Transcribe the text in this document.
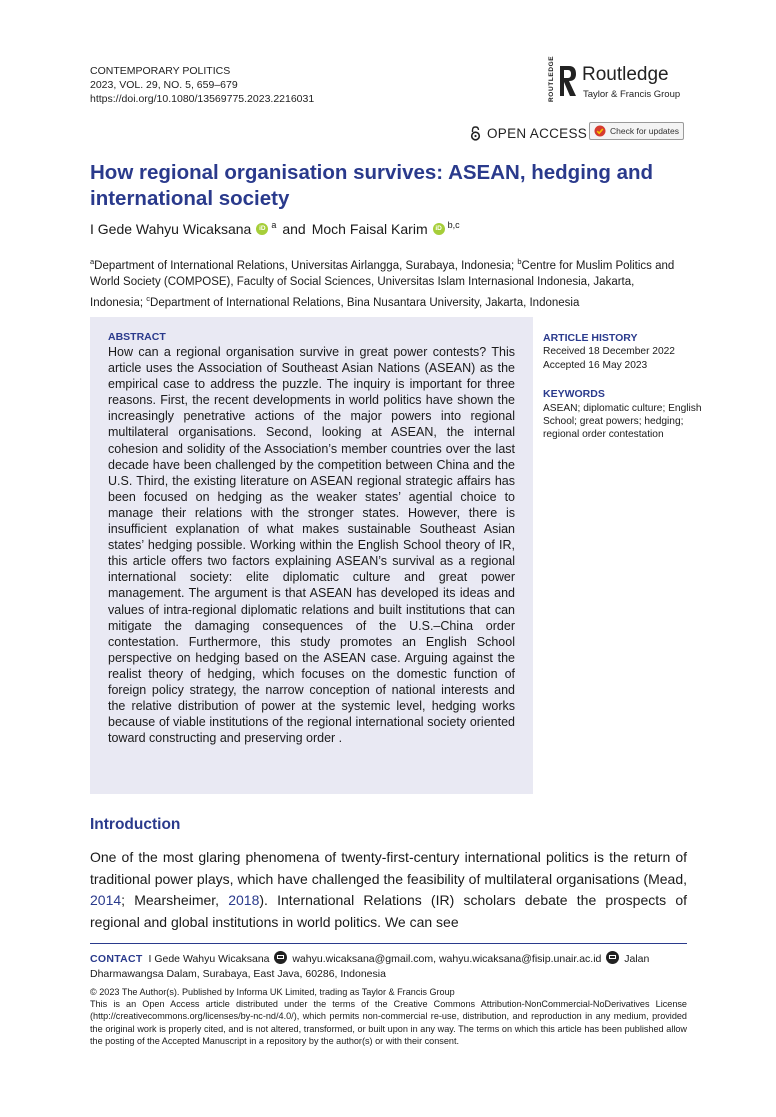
CONTEMPORARY POLITICS
2023, VOL. 29, NO. 5, 659–679
https://doi.org/10.1080/13569775.2023.2216031	ROUTLEDGE Routledge
Taylor & Francis Group
OPEN ACCESS	Check for updates
How regional organisation survives: ASEAN, hedging and international society
I Gede Wahyu Wicaksana	iD $^a$ and Moch Faisal Karim	iD $^{b,c}$
$^a$Department of International Relations, Universitas Airlangga, Surabaya, Indonesia; $^b$Centre for Muslim Politics and World Society (COMPOSE), Faculty of Social Sciences, Universitas Islam Internasional Indonesia, Jakarta, Indonesia; $^c$Department of International Relations, Bina Nusantara University, Jakarta, Indonesia
ABSTRACT
How can a regional organisation survive in great power contests? This article uses the Association of Southeast Asian Nations (ASEAN) as the empirical case to address the puzzle. The inquiry is important for three reasons. First, the recent developments in world politics have shown the increasingly penetrative actions of the major powers into regional multilateral organisations. Second, looking at ASEAN, the internal cohesion and solidity of the Association’s member countries over the last decade have been challenged by the competition between China and the U.S. Third, the existing literature on ASEAN regional strategic affairs has been focused on hedging as the weaker states’ agential choice to manage their relations with the stronger states. However, there is insufficient explanation of what makes sustainable Southeast Asian states’ hedging possible. Working within the English School theory of IR, this article offers two factors explaining ASEAN’s survival as a regional international society: elite diplomatic culture and great power management. The argument is that ASEAN has developed its ideas and values of intra-regional diplomatic relations and built institutions that can mitigate the damaging consequences of the U.S.–China order contestation. Furthermore, this study promotes an English School perspective on hedging based on the ASEAN case. Arguing against the realist theory of hedging, which focuses on the domestic function of foreign policy strategy, the narrow conception of national interests and the relative distribution of power at the systemic level, hedging works because of viable institutions of the regional international society oriented toward constructing and preserving order .
ARTICLE HISTORY
Received 18 December 2022
Accepted 16 May 2023
KEYWORDS
ASEAN; diplomatic culture; English School; great powers; hedging; regional order contestation
Introduction
One of the most glaring phenomena of twenty-first-century international politics is the return of traditional power plays, which have challenged the feasibility of multilateral organisations (Mead, 2014; Mearsheimer, 2018). International Relations (IR) scholars debate the prospects of regional and global institutions in world politics. We can see
CONTACT I Gede Wahyu Wicaksana wahyu.wicaksana@gmail.com, wahyu.wicaksana@fisip.unair.ac.id Jalan Dharmawangsa Dalam, Surabaya, East Java, 60286, Indonesia
© 2023 The Author(s). Published by Informa UK Limited, trading as Taylor & Francis Group
This is an Open Access article distributed under the terms of the Creative Commons Attribution-NonCommercial-NoDerivatives License (http://creativecommons.org/licenses/by-nc-nd/4.0/), which permits non-commercial re-use, distribution, and reproduction in any medium, provided the original work is properly cited, and is not altered, transformed, or built upon in any way. The terms on which this article has been published allow the posting of the Accepted Manuscript in a repository by the author(s) or with their consent.
